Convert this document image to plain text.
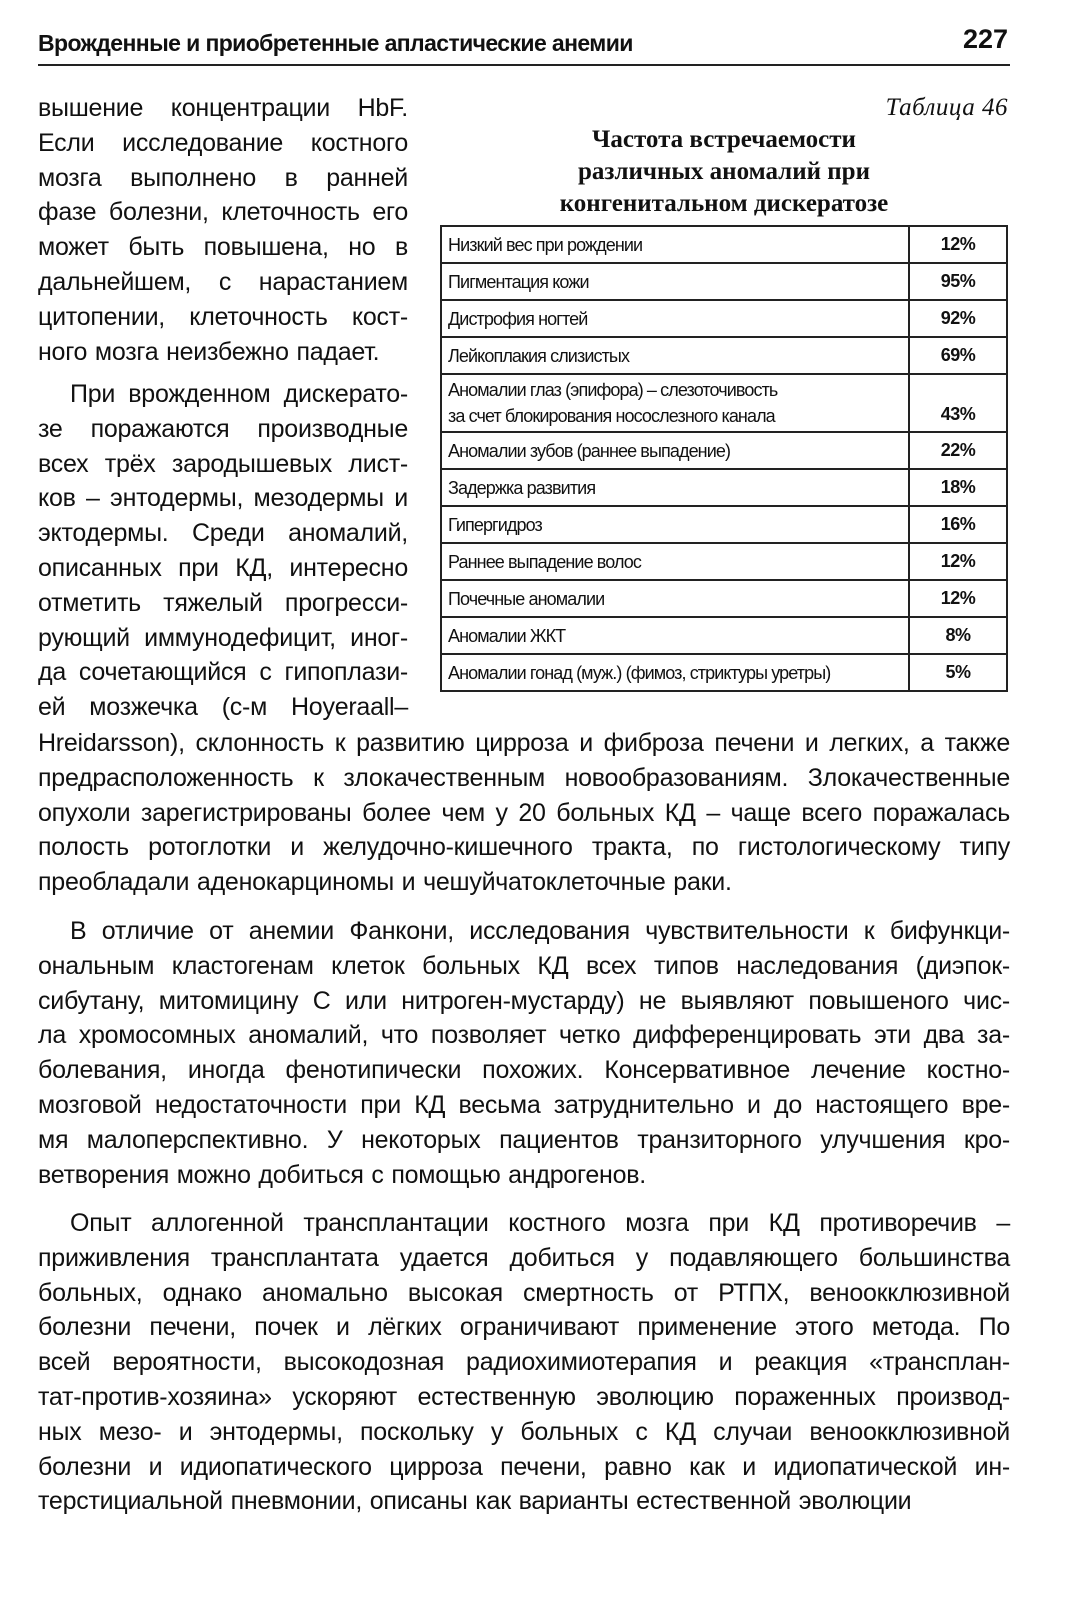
Врожденные и приобретенные апластические анемии	227
вышение концентрации HbF.
Если исследование костного
мозга выполнено в ранней
фазе болезни, клеточность его
может быть повышена, но в
дальнейшем, с нарастанием
цитопении, клеточность кост-
ного мозга неизбежно падает.
При врожденном дискерато-
зе поражаются производные
всех трёх зародышевых лист-
ков – энтодермы, мезодермы и
эктодермы. Среди аномалий,
описанных при КД, интересно
отметить тяжелый прогресси-
рующий иммунодефицит, иног-
да сочетающийся с гипоплази-
ей мозжечка (с-м Hoyeraall–
Hreidarsson), склонность к развитию цирроза и фиброза печени и легких, а также
предрасположенность к злокачественным новообразованиям. Злокачественные
опухоли зарегистрированы более чем у 20 больных КД – чаще всего поражалась
полость ротоглотки и желудочно-кишечного тракта, по гистологическому типу
преобладали аденокарциномы и чешуйчатоклеточные раки.
В отличие от анемии Фанкони, исследования чувствительности к бифункци-
ональным кластогенам клеток больных КД всех типов наследования (диэпок-
сибутану, митомицину С или нитроген-мустарду) не выявляют повышеного чис-
ла хромосомных аномалий, что позволяет четко дифференцировать эти два за-
болевания, иногда фенотипически похожих. Консервативное лечение костно-
мозговой недостаточности при КД весьма затруднительно и до настоящего вре-
мя малоперспективно. У некоторых пациентов транзиторного улучшения кро-
ветворения можно добиться с помощью андрогенов.
Опыт аллогенной трансплантации костного мозга при КД противоречив –
приживления трансплантата удается добиться у подавляющего большинства
больных, однако аномально высокая смертность от РТПХ, веноокклюзивной
болезни печени, почек и лёгких ограничивают применение этого метода. По
всей вероятности, высокодозная радиохимиотерапия и реакция «трансплан-
тат-против-хозяина» ускоряют естественную эволюцию пораженных производ-
ных мезо- и энтодермы, поскольку у больных с КД случаи веноокклюзивной
болезни и идиопатического цирроза печени, равно как и идиопатической ин-
терстициальной пневмонии, описаны как варианты естественной эволюции
Таблица 46
Частота встречаемости
различных аномалий при
конгенитальном дискератозе
Низкий вес при рождении	12%
Пигментация кожи	95%
Дистрофия ногтей	92%
Лейкоплакия слизистых	69%

Аномалии глаз (эпифора) – слезоточивость
за счет блокирования носослезного канала	43%
Аномалии зубов (раннее выпадение)	22%
Задержка развития	18%
Гипергидроз	16%
Раннее выпадение волос	12%
Почечные аномалии	12%
Аномалии ЖКТ	8%
Аномалии гонад (муж.) (фимоз, стриктуры уретры)	5%
